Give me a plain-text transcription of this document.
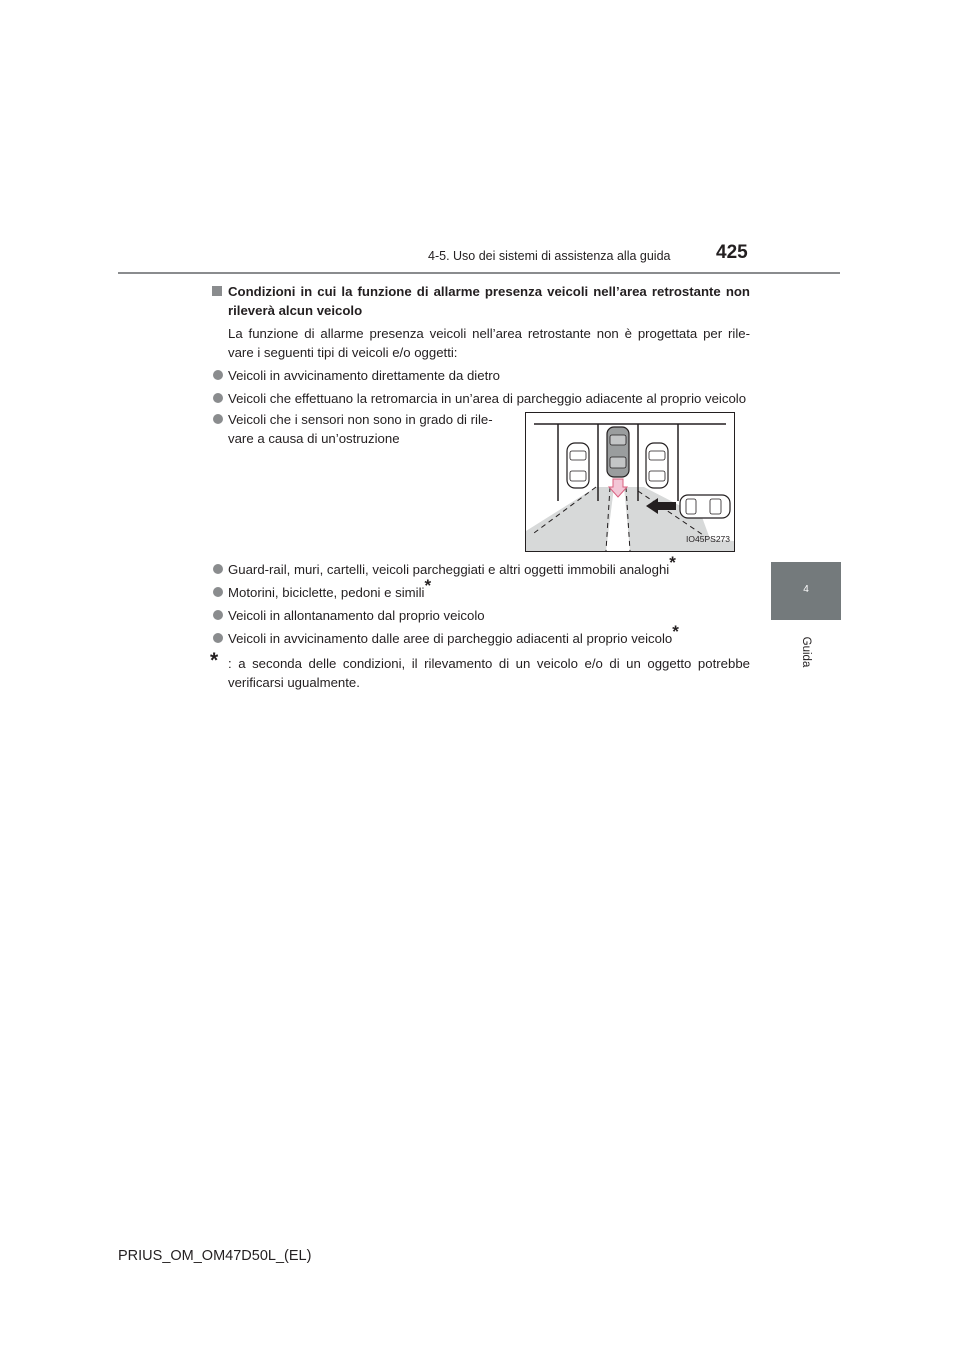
4-5. Uso dei sistemi di assistenza alla guida 425
4
Guida
Condizioni in cui la funzione di allarme presenza veicoli nell’area retrostante non rileverà alcun veicolo
La funzione di allarme presenza veicoli nell’area retrostante non è progettata per rile- vare i seguenti tipi di veicoli e/o oggetti:
Veicoli in avvicinamento direttamente da dietro
Veicoli che effettuano la retromarcia in un’area di parcheggio adiacente al proprio veicolo
Veicoli che i sensori non sono in grado di rile- vare a causa di un’ostruzione
IO45PS273
Guard-rail, muri, cartelli, veicoli parcheggiati e altri oggetti immobili analoghi*
Motorini, biciclette, pedoni e simili*
Veicoli in allontanamento dal proprio veicolo
Veicoli in avvicinamento dalle aree di parcheggio adiacenti al proprio veicolo*
* : a seconda delle condizioni, il rilevamento di un veicolo e/o di un oggetto potrebbe verificarsi ugualmente.
PRIUS_OM_OM47D50L_(EL)
